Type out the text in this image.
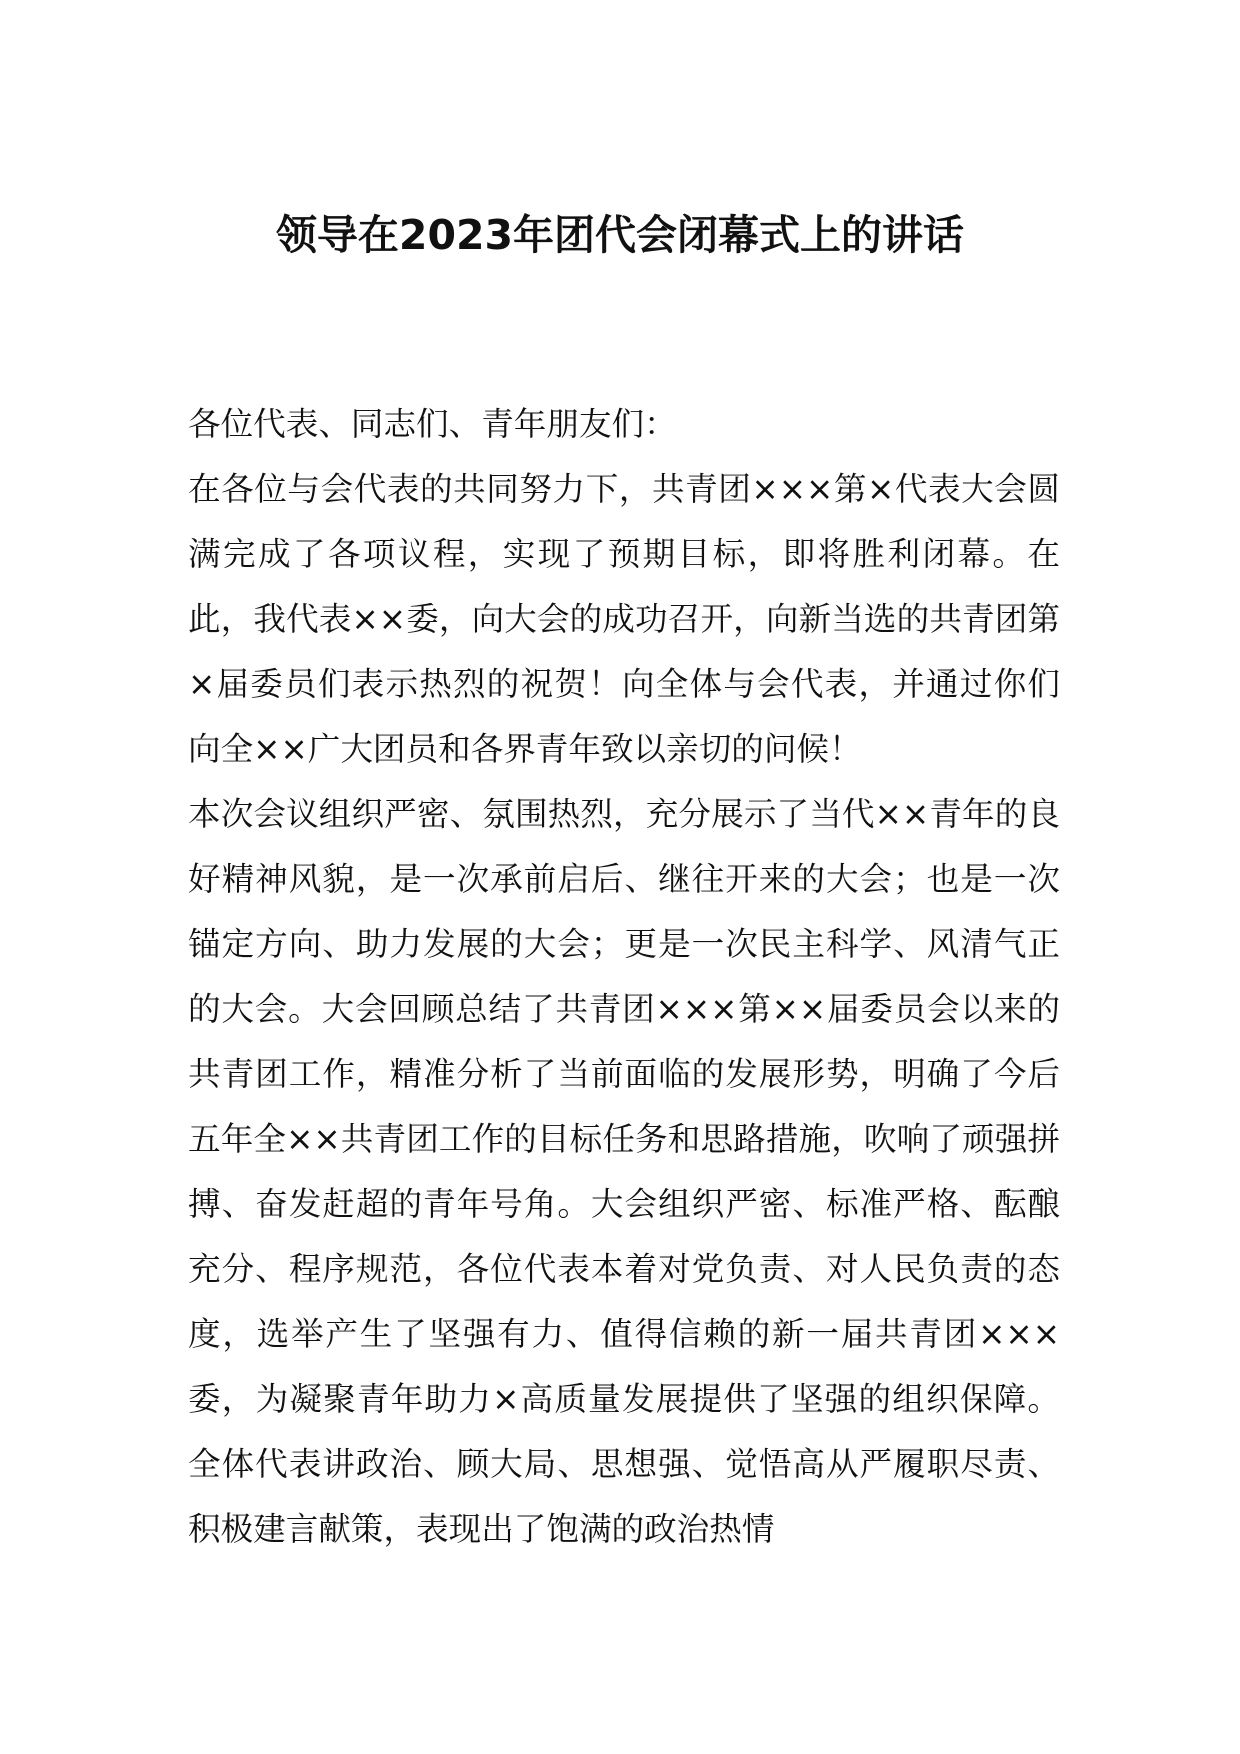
领导在2023年团代会闭幕式上的讲话

各位代表、同志们、青年朋友们：

在各位与会代表的共同努力下，共青团×××第×代表大会圆满完成了各项议程，实现了预期目标，即将胜利闭幕。在此，我代表××委，向大会的成功召开，向新当选的共青团第×届委员们表示热烈的祝贺！向全体与会代表，并通过你们向全××广大团员和各界青年致以亲切的问候！

本次会议组织严密、氛围热烈，充分展示了当代××青年的良好精神风貌，是一次承前启后、继往开来的大会；也是一次锚定方向、助力发展的大会；更是一次民主科学、风清气正的大会。大会回顾总结了共青团×××第××届委员会以来的共青团工作，精准分析了当前面临的发展形势，明确了今后五年全××共青团工作的目标任务和思路措施，吹响了顽强拼搏、奋发赶超的青年号角。大会组织严密、标准严格、酝酿充分、程序规范，各位代表本着对党负责、对人民负责的态度，选举产生了坚强有力、值得信赖的新一届共青团×××委，为凝聚青年助力×高质量发展提供了坚强的组织保障。全体代表讲政治、顾大局、思想强、觉悟高从严履职尽责、积极建言献策，表现出了饱满的政治热情
